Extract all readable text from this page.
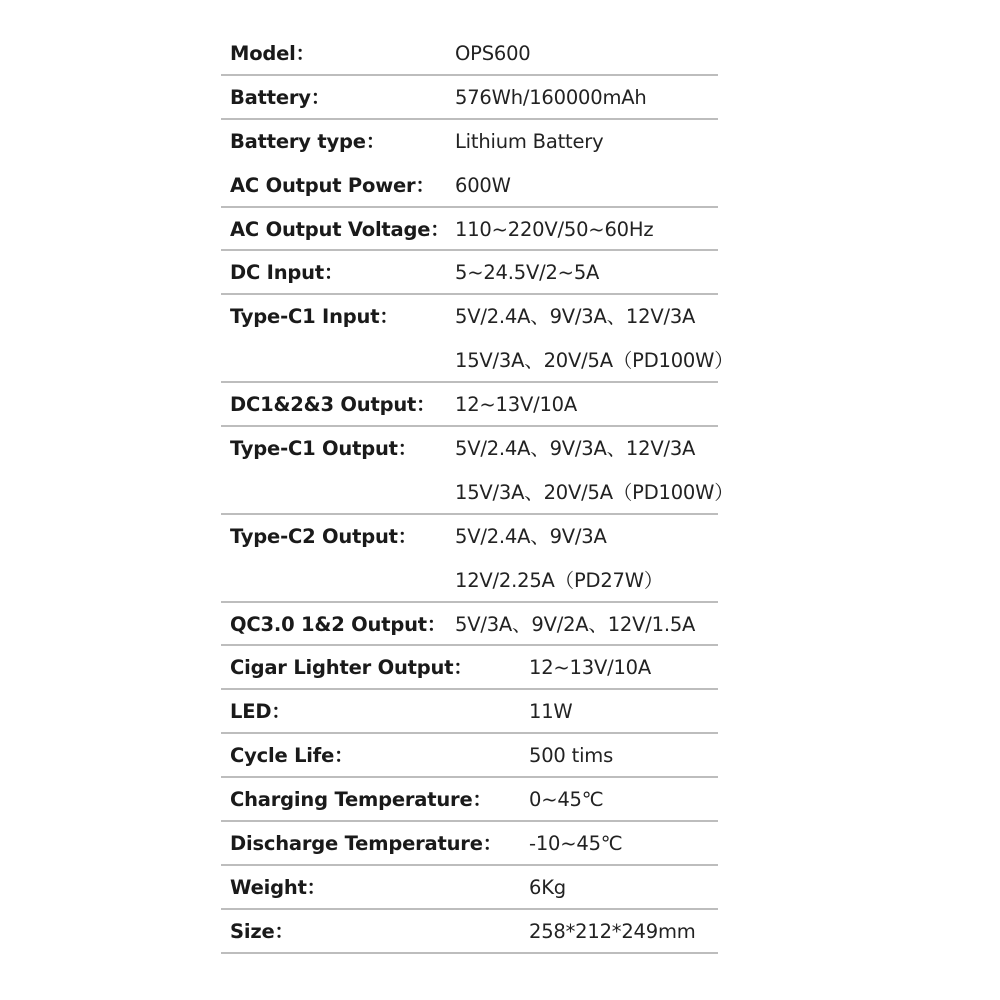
Model：	OPS600
Battery：	576Wh/160000mAh
Battery type：	Lithium Battery
AC Output Power： 600W
AC Output Voltage： 110~220V/50~60Hz
DC Input：	5~24.5V/2~5A
Type-C1 Input：	5V/2.4A、9V/3A、12V/3A
15V/3A、20V/5A（PD100W）
DC1&2&3 Output： 12~13V/10A
Type-C1 Output： 5V/2.4A、9V/3A、12V/3A
15V/3A、20V/5A（PD100W）
Type-C2 Output： 5V/2.4A、9V/3A
12V/2.25A（PD27W）
QC3.0 1&2 Output： 5V/3A、9V/2A、12V/1.5A
Cigar Lighter Output：	12~13V/10A
LED：	11W
Cycle Life：	500 tims
Charging Temperature： 0~45℃
Discharge Temperature： -10~45℃
Weight：	6Kg
Size：	258*212*249mm
